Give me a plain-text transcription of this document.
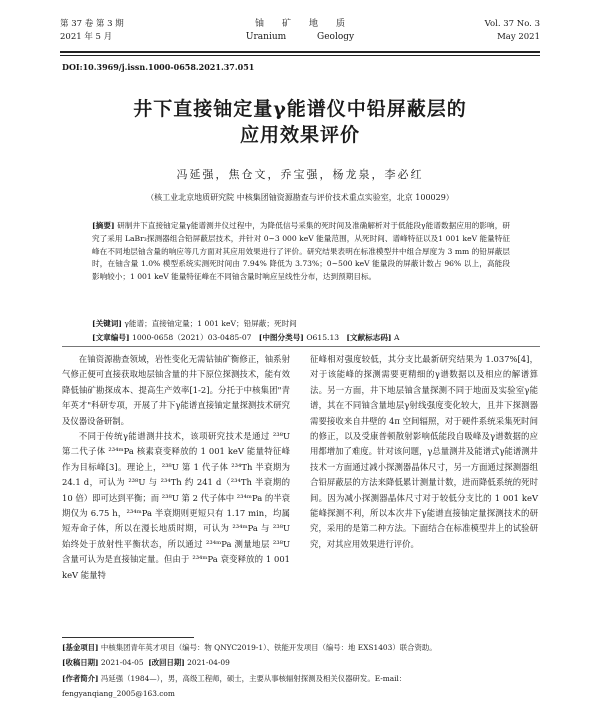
第 37 卷 第 3 期
2021 年 5 月
铀矿地质
Uranium Geology
Vol. 37 No. 3
May 2021
DOI:10.3969/j.issn.1000-0658.2021.37.051
井下直接铀定量γ能谱仪中铅屏蔽层的
应用效果评价
冯延强，焦仓文，乔宝强，杨龙泉，李必红
（核工业北京地质研究院 中核集团铀资源勘查与评价技术重点实验室，北京 100029）
[摘要] 研制井下直接铀定量γ能谱测井仪过程中，为降低信号采集的死时间及准确解析对于低能段γ能谱数据应用的影响，研究了采用 LaBr₃探测器组合铅屏蔽层技术，并针对 0~3 000 keV 能量范围，从死时间、谱峰特征以及1 001 keV 能量特征峰在不同地层铀含量的响应等几方面对其应用效果进行了评价。研究结果表明在标准模型井中组合厚度为 3 mm 的铅屏蔽层时，在铀含量 1.0% 模型系统实测死时间由 7.94% 降低为 3.73%；0~500 keV 能量段的屏蔽计数占 96% 以上，高能段影响较小；1 001 keV 能量特征峰在不同铀含量时响应呈线性分布，达到预期目标。
[关键词] γ能谱；直接铀定量；1 001 keV；铅屏蔽；死时间
[文章编号] 1000-0658（2021）03-0485-07 [中图分类号] O615.13 [文献标志码] A

在铀资源勘查领域，岩性变化无需钻铀矿衡修正，铀系射气修正便可直接获取地层铀含量的井下原位探测技术，能有效降低铀矿勘探成本、提高生产效率[1-2]。分托于中核集团"青年英才"科研专项，开展了井下γ能谱直接铀定量探测技术研究及仪器设备研制。

不同于传统γ能谱测井技术，该项研究技术是通过 ²³⁸U 第二代子体 ²³⁴ᵐPa 核素衰变释放的 1 001 keV 能量特征峰作为目标峰[3]。理论上，²³⁸U 第 1 代子体 ²³⁴Th 半衰期为 24.1 d，可认为 ²³⁸U 与 ²³⁴Th 约 241 d（²³⁴Th 半衰期的 10 倍）即可达到平衡；而 ²³⁸U 第 2 代子体中 ²³⁴ᵐPa 的半衰期仅为 6.75 h，²³⁴ᵐPa 半衰期则更短只有 1.17 min，均属短寿命子体，所以在漫长地质时期，可认为 ²³⁴ᵐPa 与 ²³⁸U 始终处于放射性平衡状态，所以通过 ²³⁴ᵐPa 测量地层 ²³⁸U 含量可认为是直接铀定量。但由于 ²³⁴ᵐPa 衰变释放的 1 001 keV 能量特

征峰相对强度较低，其分支比最新研究结果为 1.037%[4]，对于该能峰的探测需要更精细的γ谱数据以及相应的解谱算法。另一方面，井下地层铀含量探测不同于地面及实验室γ能谱，其在不同铀含量地层γ射线强度变化较大，且井下探测器需要接收来自井壁的 4π 空间辐照，对于硬件系统采集死时间的修正，以及受康普顿散射影响低能段自吸峰及γ谱数据的应用都增加了难度。针对该问题，γ总量测井及能谱式γ能谱测井技术一方面通过减小探测器晶体尺寸，另一方面通过探测器组合铅屏蔽层的方法来降低累计测量计数，进而降低系统的死时间。因为减小探测器晶体尺寸对于较低分支比的 1 001 keV 能峰探测不利，所以本次井下γ能谱直接铀定量探测技术的研究，采用的是第二种方法。下面结合在标准模型井上的试验研究，对其应用效果进行评价。

[基金项目] 中核集团青年英才项目（编号：物 QNYC2019-1）、铁能开发项目（编号：地 EXS1403）联合资助。
[收稿日期] 2021-04-05 [改回日期] 2021-04-09
[作者简介] 冯延强（1984—），男，高级工程师，硕士，主要从事核辐射探测及相关仪器研发。E-mail：
fengyanqiang_2005@163.com
